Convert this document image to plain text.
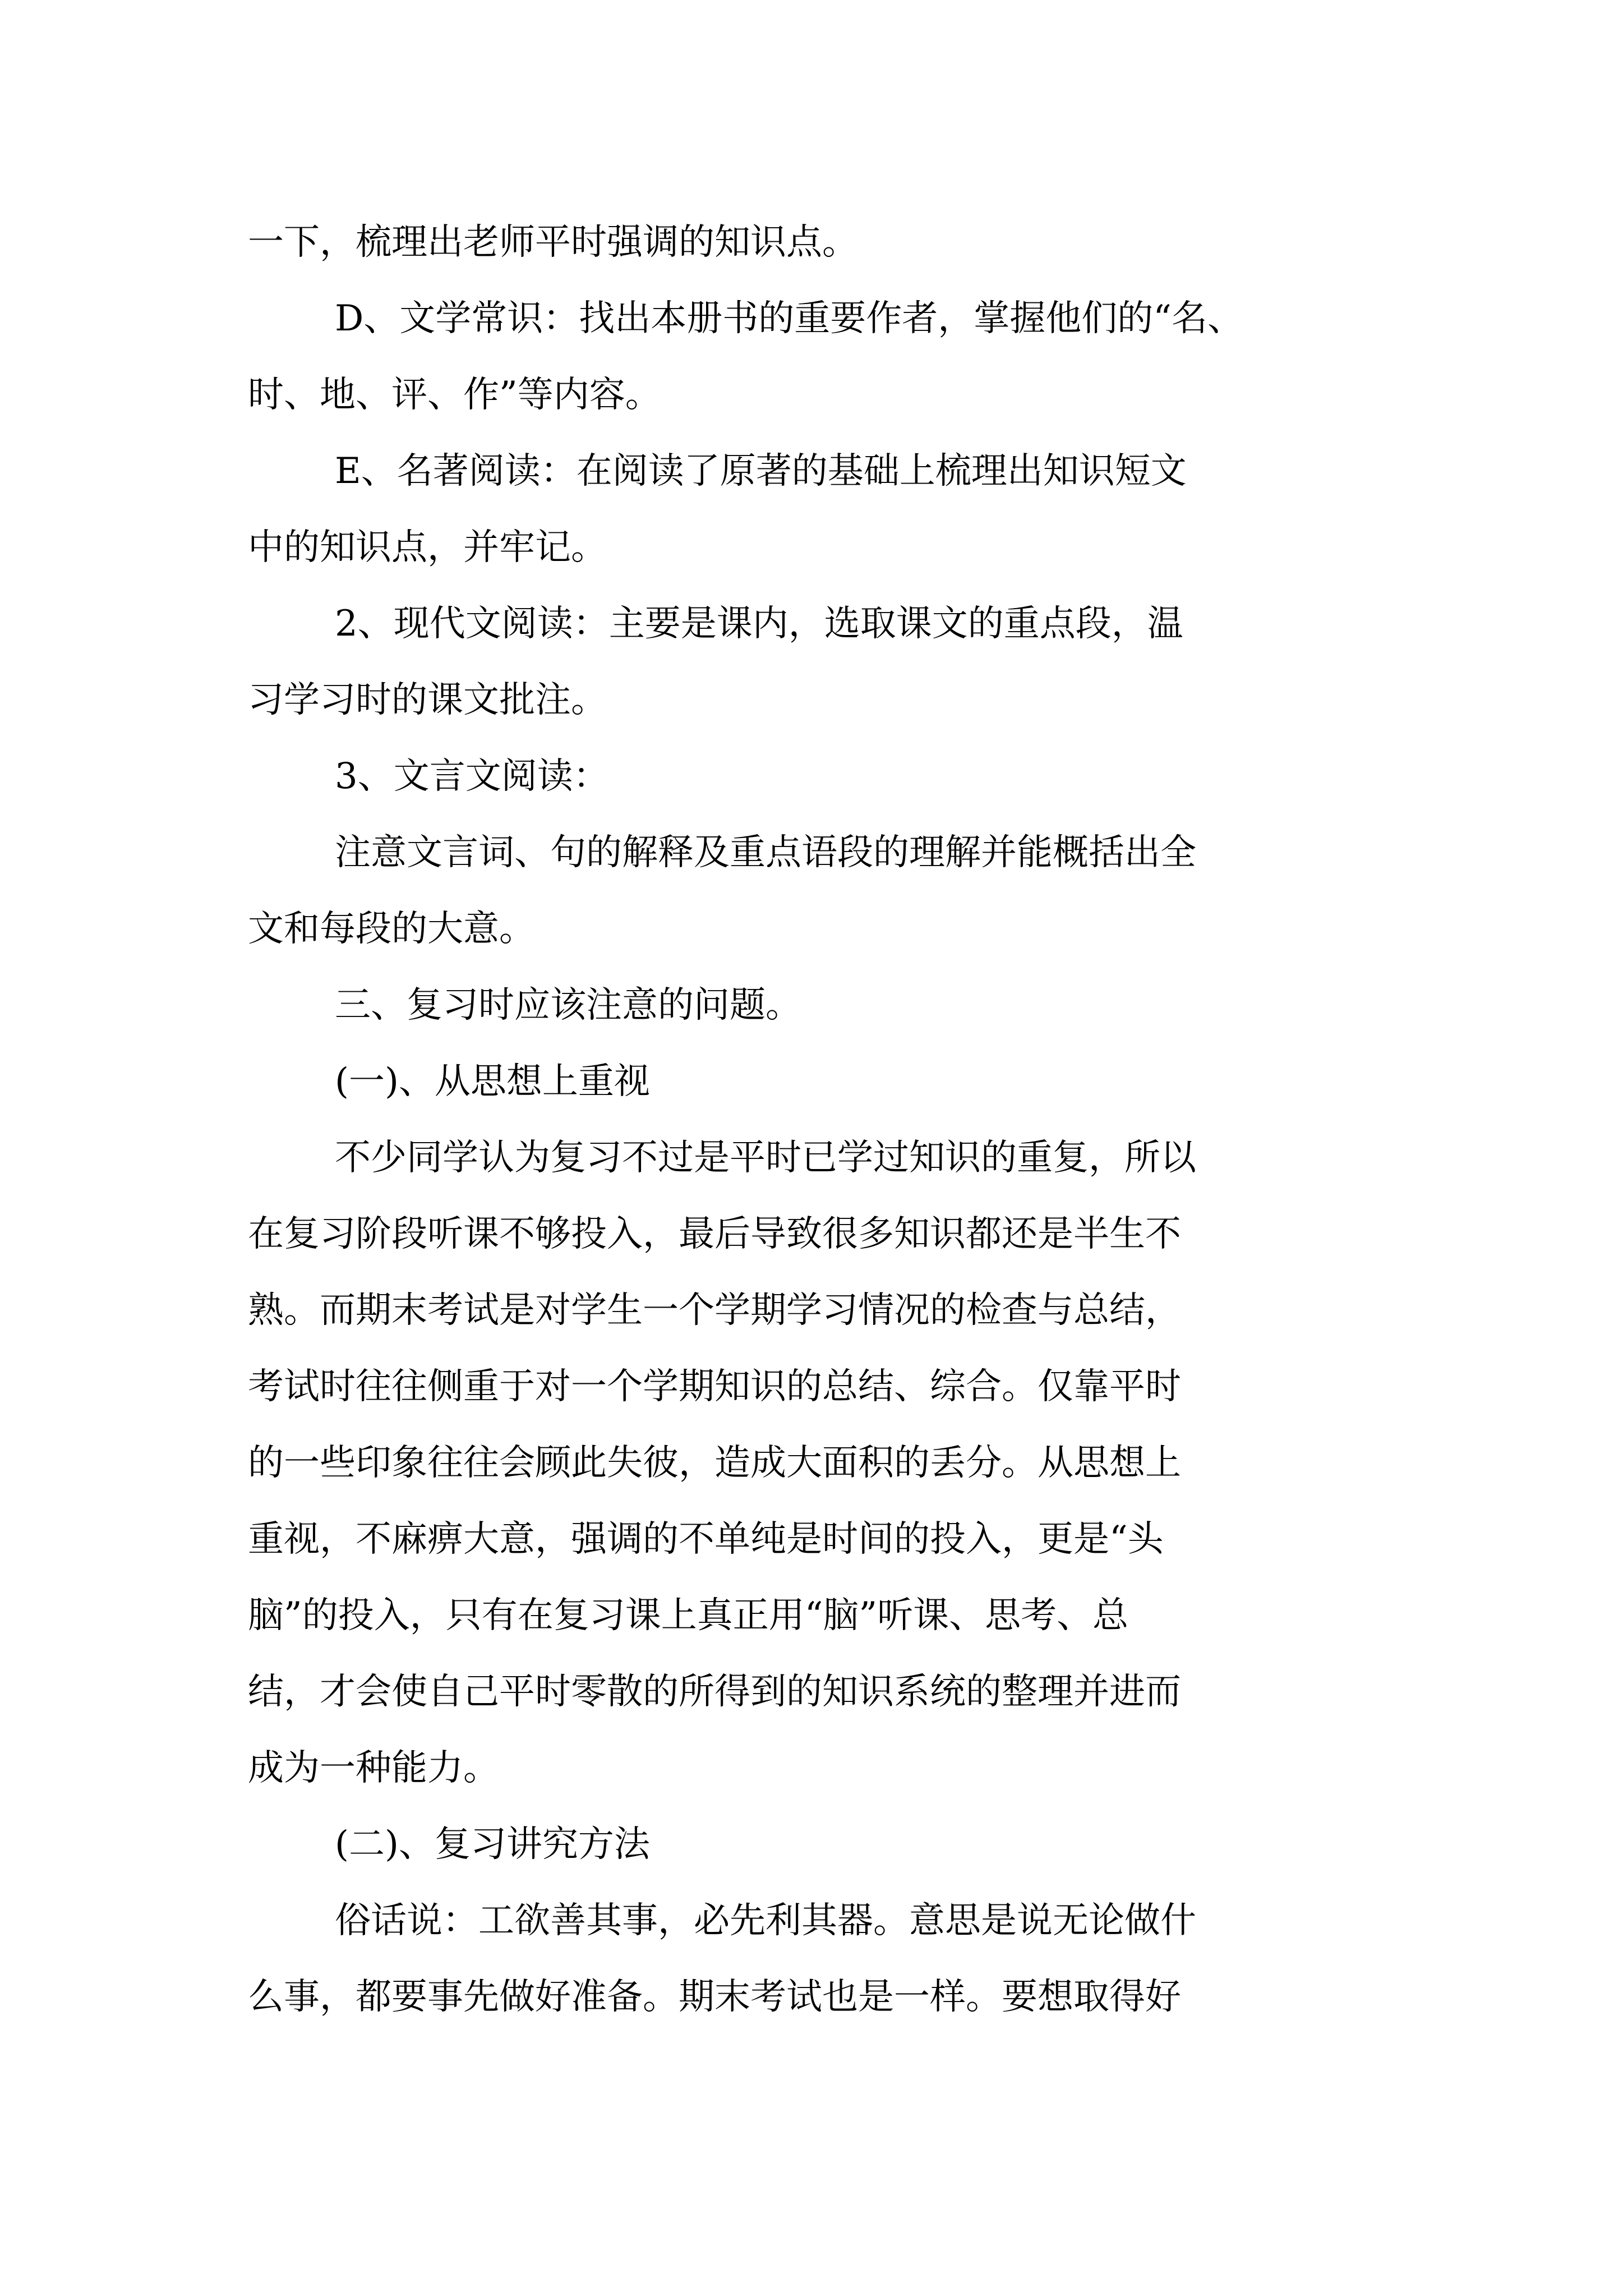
一下，梳理出老师平时强调的知识点。
D、文学常识：找出本册书的重要作者，掌握他们的“名、
时、地、评、作”等内容。
E、名著阅读：在阅读了原著的基础上梳理出知识短文
中的知识点，并牢记。
2、现代文阅读：主要是课内，选取课文的重点段，温
习学习时的课文批注。
3、文言文阅读：
注意文言词、句的解释及重点语段的理解并能概括出全
文和每段的大意。
三、复习时应该注意的问题。
(一)、从思想上重视
不少同学认为复习不过是平时已学过知识的重复，所以
在复习阶段听课不够投入，最后导致很多知识都还是半生不
熟。而期末考试是对学生一个学期学习情况的检查与总结，
考试时往往侧重于对一个学期知识的总结、综合。仅靠平时
的一些印象往往会顾此失彼，造成大面积的丢分。从思想上
重视，不麻痹大意，强调的不单纯是时间的投入，更是“头
脑”的投入，只有在复习课上真正用“脑”听课、思考、总
结，才会使自己平时零散的所得到的知识系统的整理并进而
成为一种能力。
(二)、复习讲究方法
俗话说：工欲善其事，必先利其器。意思是说无论做什
么事，都要事先做好准备。期末考试也是一样。要想取得好
